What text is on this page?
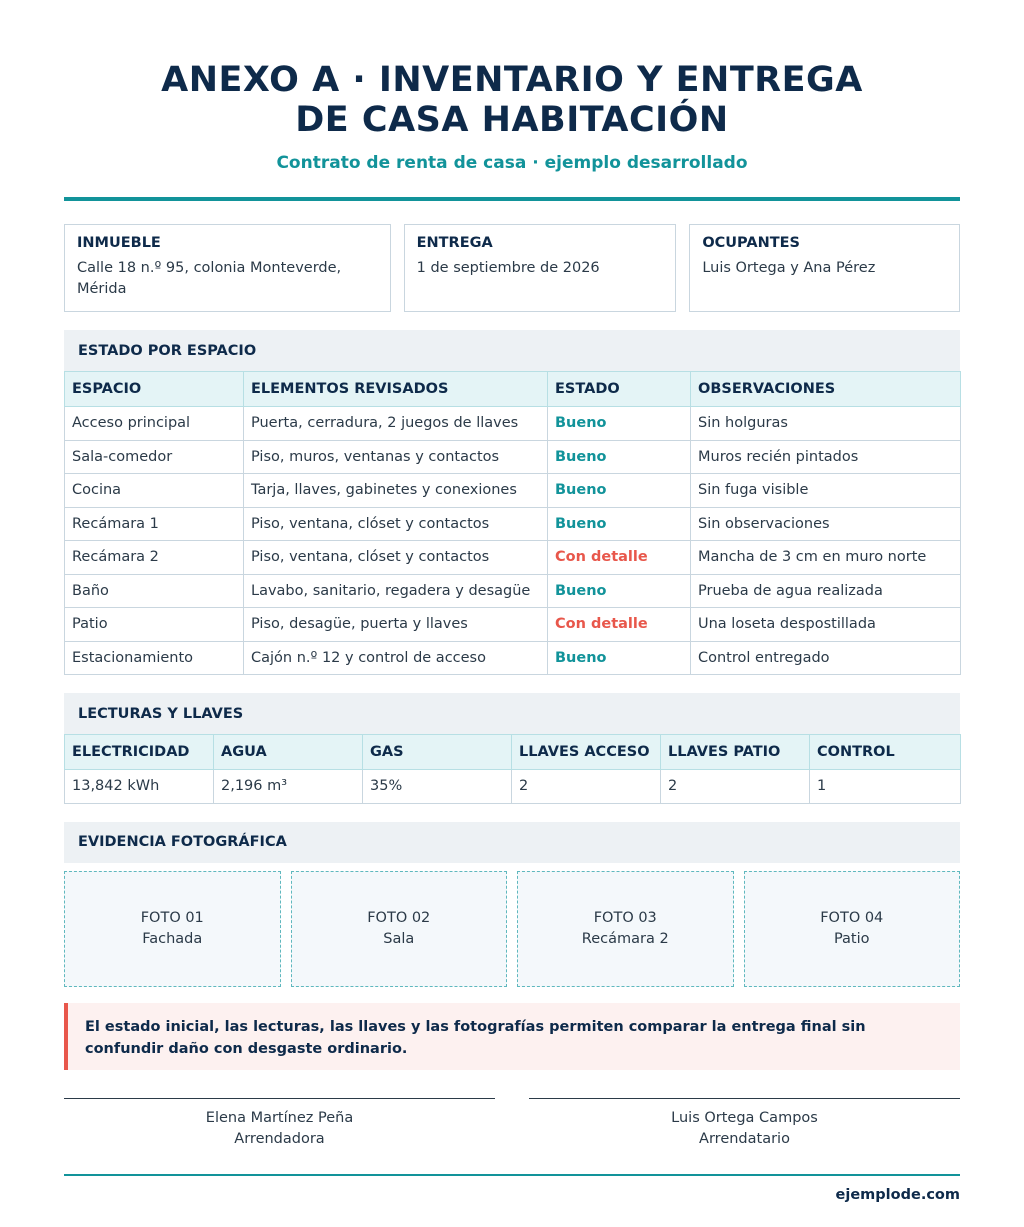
ANEXO A · INVENTARIO Y ENTREGA
DE CASA HABITACIÓN
Contrato de renta de casa · ejemplo desarrollado
INMUEBLE
Calle 18 n.º 95, colonia Monteverde, Mérida
ENTREGA
1 de septiembre de 2026
OCUPANTES
Luis Ortega y Ana Pérez
ESTADO POR ESPACIO
ESPACIO	ELEMENTOS REVISADOS	ESTADO	OBSERVACIONES
Acceso principal	Puerta, cerradura, 2 juegos de llaves	Bueno	Sin holguras
Sala-comedor	Piso, muros, ventanas y contactos	Bueno	Muros recién pintados
Cocina	Tarja, llaves, gabinetes y conexiones	Bueno	Sin fuga visible
Recámara 1	Piso, ventana, clóset y contactos	Bueno	Sin observaciones
Recámara 2	Piso, ventana, clóset y contactos	Con detalle	Mancha de 3 cm en muro norte
Baño	Lavabo, sanitario, regadera y desagüe	Bueno	Prueba de agua realizada
Patio	Piso, desagüe, puerta y llaves	Con detalle	Una loseta despostillada
Estacionamiento	Cajón n.º 12 y control de acceso	Bueno	Control entregado
LECTURAS Y LLAVES
ELECTRICIDAD	AGUA	GAS	LLAVES ACCESO	LLAVES PATIO	CONTROL
13,842 kWh	2,196 m³	35%	2	2	1
EVIDENCIA FOTOGRÁFICA
FOTO 01
Fachada
FOTO 02
Sala
FOTO 03
Recámara 2
FOTO 04
Patio
El estado inicial, las lecturas, las llaves y las fotografías permiten comparar la entrega final sin confundir daño con desgaste ordinario.
Elena Martínez Peña
Arrendadora
Luis Ortega Campos
Arrendatario
ejemplode.com
